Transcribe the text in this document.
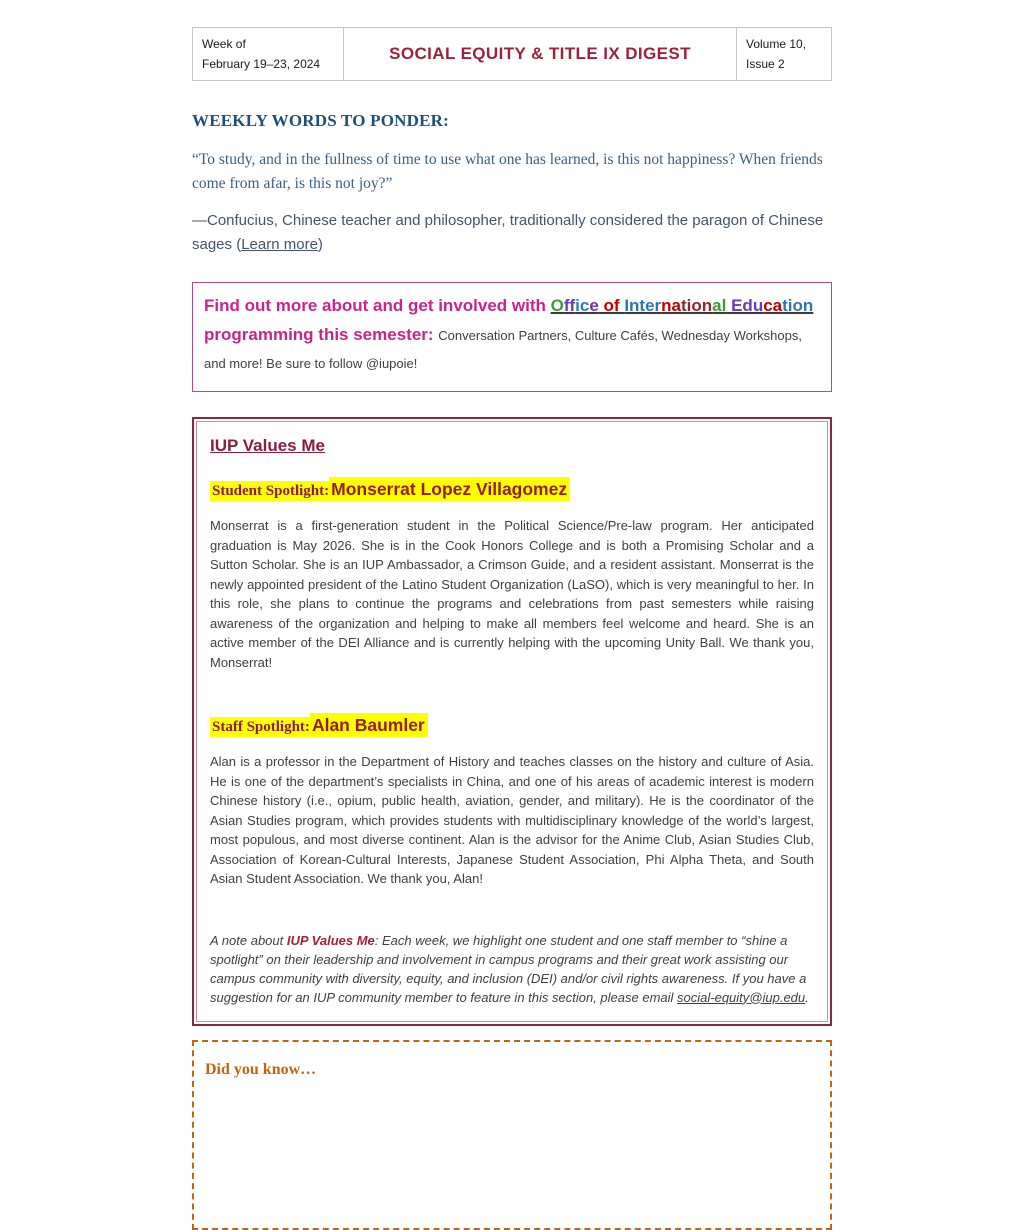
Week of
February 19–23, 2024
SOCIAL EQUITY & TITLE IX DIGEST	Volume 10,
Issue 2
WEEKLY WORDS TO PONDER:

“To study, and in the fullness of time to use what one has learned, is this not happiness? When friends come from afar, is this not joy?”

—Confucius, Chinese teacher and philosopher, traditionally considered the paragon of Chinese sages (Learn more)

Find out more about and get involved with Office of International Education programming this semester: Conversation Partners, Culture Cafés, Wednesday Workshops, and more! Be sure to follow @iupoie!

IUP Values Me

Student Spotlight: Monserrat Lopez Villagomez

Monserrat is a first-generation student in the Political Science/Pre-law program. Her anticipated graduation is May 2026. She is in the Cook Honors College and is both a Promising Scholar and a Sutton Scholar. She is an IUP Ambassador, a Crimson Guide, and a resident assistant. Monserrat is the newly appointed president of the Latino Student Organization (LaSO), which is very meaningful to her. In this role, she plans to continue the programs and celebrations from past semesters while raising awareness of the organization and helping to make all members feel welcome and heard. She is an active member of the DEI Alliance and is currently helping with the upcoming Unity Ball. We thank you, Monserrat!

Staff Spotlight: Alan Baumler

Alan is a professor in the Department of History and teaches classes on the history and culture of Asia. He is one of the department’s specialists in China, and one of his areas of academic interest is modern Chinese history (i.e., opium, public health, aviation, gender, and military). He is the coordinator of the Asian Studies program, which provides students with multidisciplinary knowledge of the world’s largest, most populous, and most diverse continent. Alan is the advisor for the Anime Club, Asian Studies Club, Association of Korean-Cultural Interests, Japanese Student Association, Phi Alpha Theta, and South Asian Student Association. We thank you, Alan!

A note about IUP Values Me: Each week, we highlight one student and one staff member to “shine a spotlight” on their leadership and involvement in campus programs and their great work assisting our campus community with diversity, equity, and inclusion (DEI) and/or civil rights awareness. If you have a suggestion for an IUP community member to feature in this section, please email social-equity@iup.edu.

Did you know…
